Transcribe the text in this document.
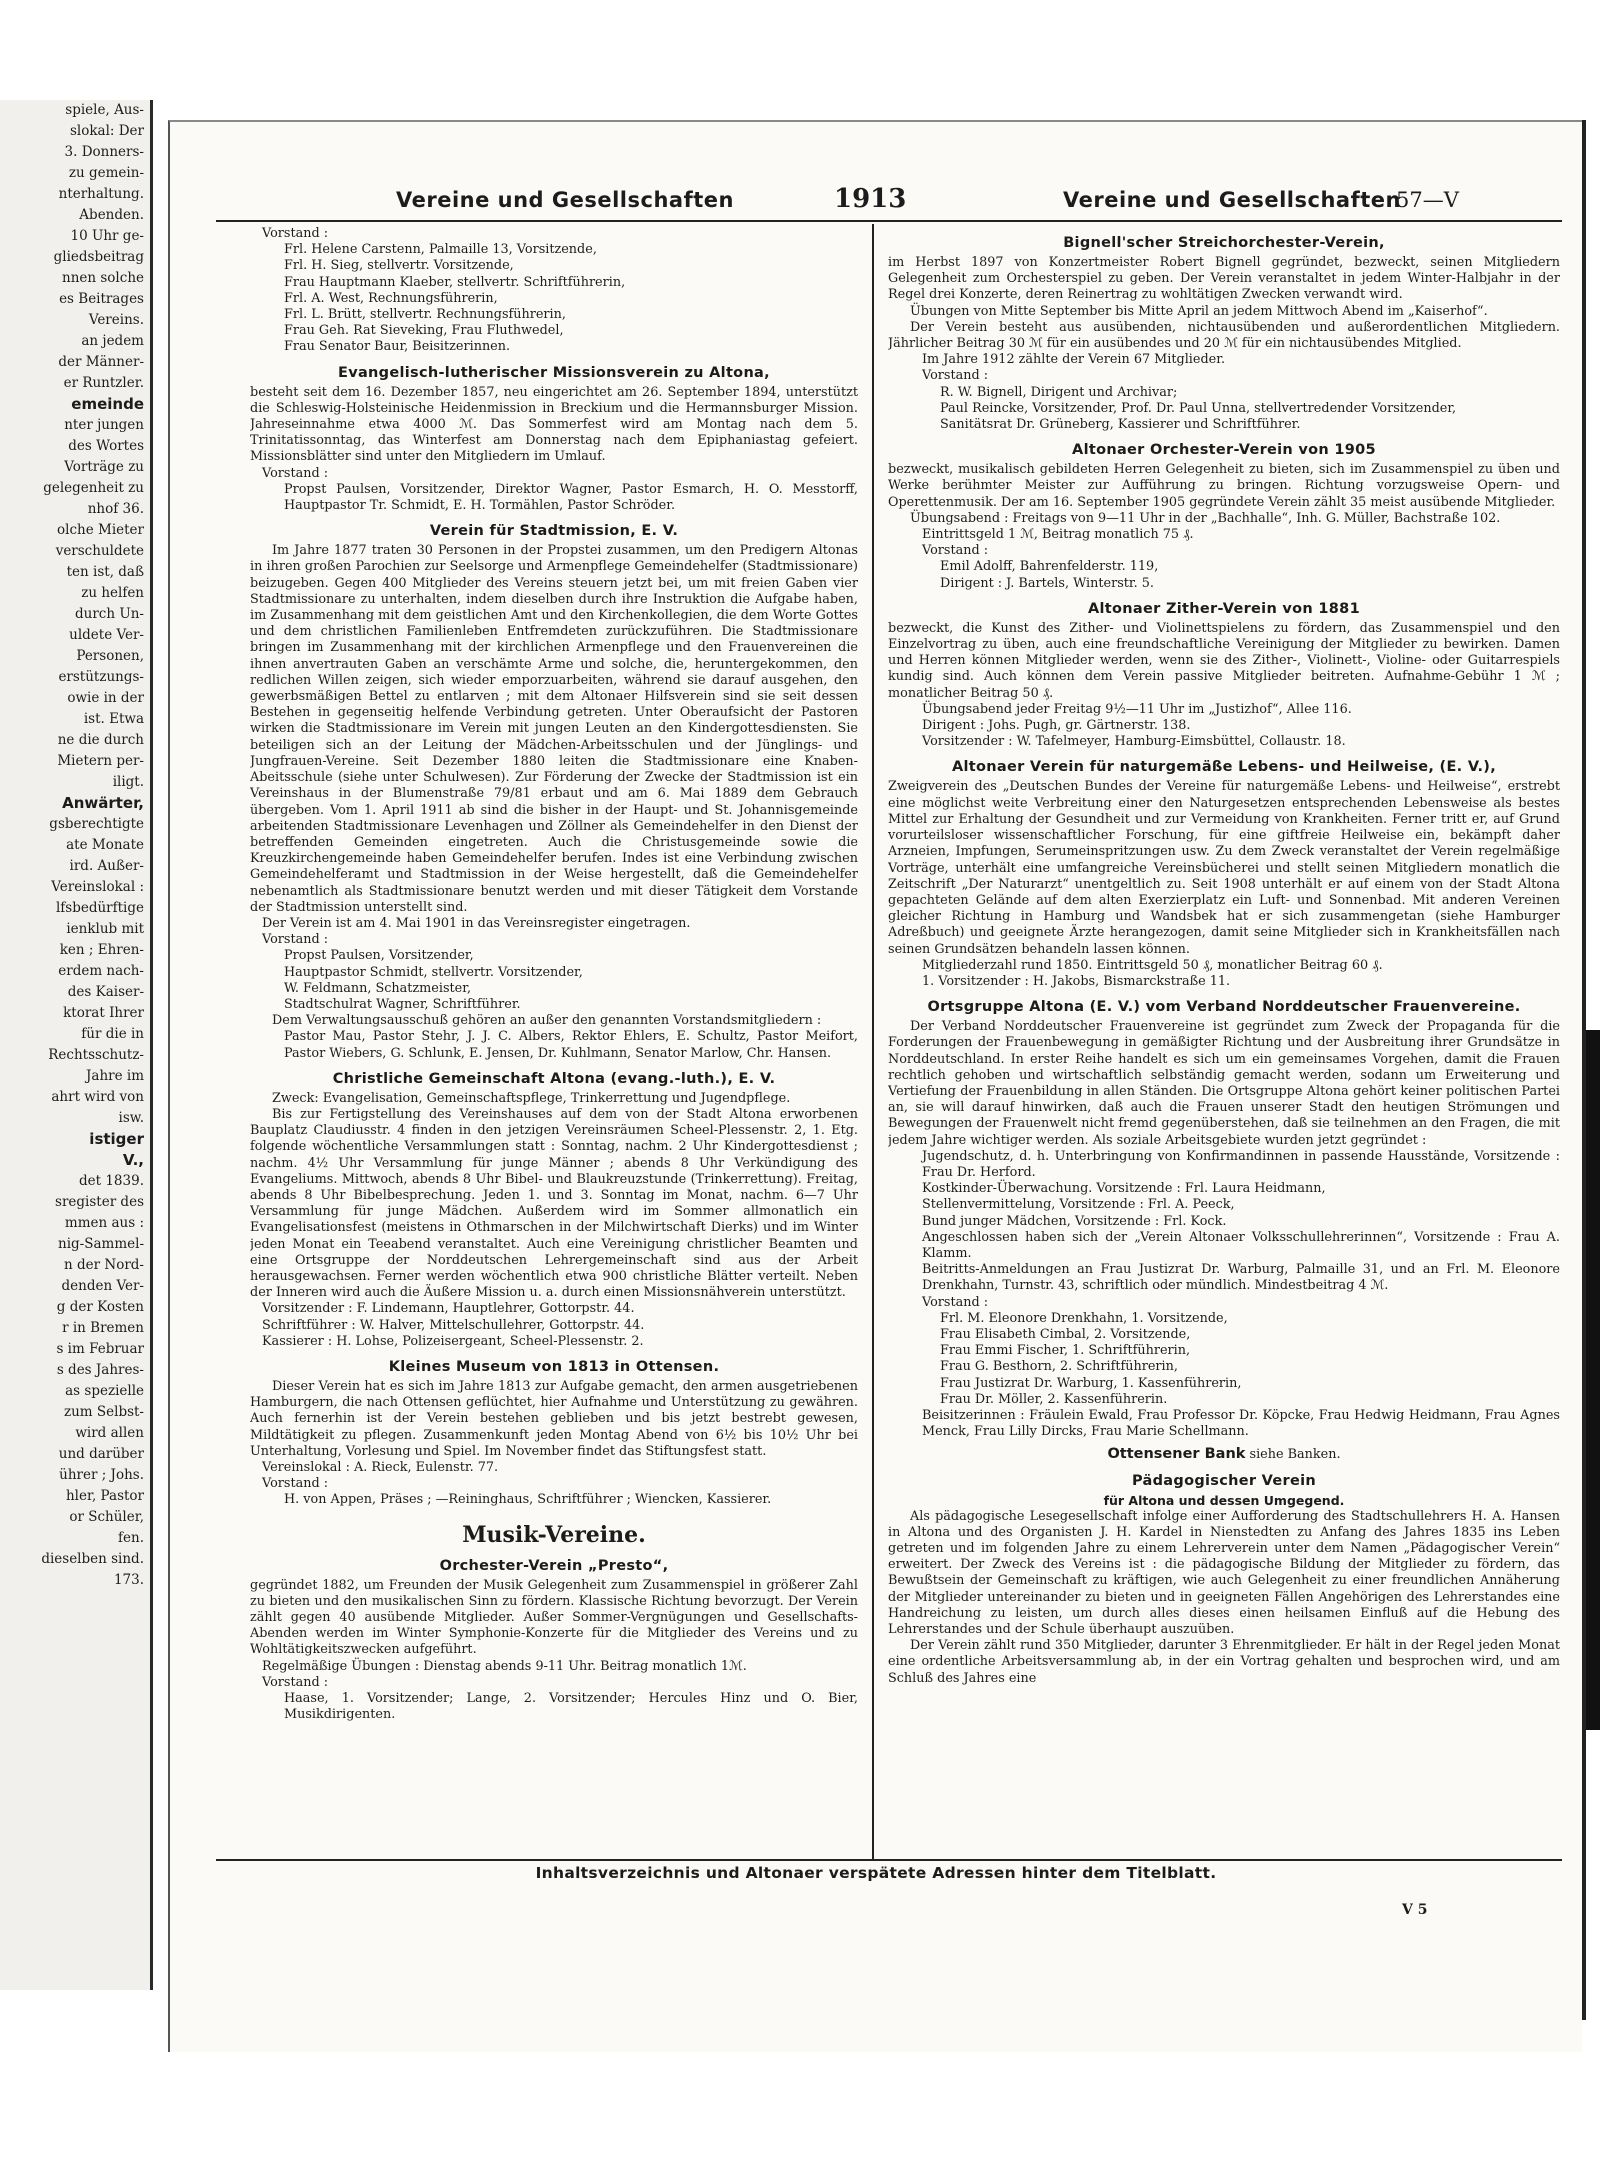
spiele, Aus-
slokal: Der
3. Donners-
zu gemein-
nterhaltung.
Abenden.
10 Uhr ge-
gliedsbeitrag
nnen solche
es Beitrages
Vereins.
an jedem
der Männer-
er Runtzler.
emeinde
nter jungen
des Wortes
Vorträge zu
gelegenheit zu
nhof 36.
olche Mieter
verschuldete
ten ist, daß
zu helfen
durch Un-
uldete Ver-
Personen,
erstützungs-
owie in der
ist. Etwa
ne die durch
Mietern per-
iligt.
Anwärter,
gsberechtigte
ate Monate
ird. Außer-
Vereinslokal :
lfsbedürftige
ienklub mit
ken ; Ehren-
erdem nach-
des Kaiser-
ktorat Ihrer
für die in
Rechtsschutz-
Jahre im
ahrt wird von
isw.
istiger
V.,
det 1839.
sregister des
mmen aus :
nig-Sammel-
n der Nord-
denden Ver-
g der Kosten
r in Bremen
s im Februar
s des Jahres-
as spezielle
zum Selbst-
wird allen
und darüber
ührer ; Johs.
hler, Pastor
or Schüler,
fen.
dieselben sind.
173.
Vereine und Gesellschaften	1913	Vereine und Gesellschaften
57—V
Vorstand :
Frl. Helene Carstenn, Palmaille 13, Vorsitzende,
Frl. H. Sieg, stellvertr. Vorsitzende,
Frau Hauptmann Klaeber, stellvertr. Schriftführerin,
Frl. A. West, Rechnungsführerin,
Frl. L. Brütt, stellvertr. Rechnungsführerin,
Frau Geh. Rat Sieveking, Frau Fluthwedel,
Frau Senator Baur, Beisitzerinnen.
Evangelisch-lutherischer Missionsverein zu Altona,
besteht seit dem 16. Dezember 1857, neu eingerichtet am 26. September 1894, unterstützt die Schleswig-Holsteinische Heidenmission in Breckium und die Hermannsburger Mission. Jahreseinnahme etwa 4000 ℳ. Das Sommerfest wird am Montag nach dem 5. Trinitatissonntag, das Winterfest am Donnerstag nach dem Epiphaniastag gefeiert. Missionsblätter sind unter den Mitgliedern im Umlauf.
Vorstand :
Propst Paulsen, Vorsitzender, Direktor Wagner, Pastor Esmarch, H. O. Messtorff, Hauptpastor Tr. Schmidt, E. H. Tormählen, Pastor Schröder.
Verein für Stadtmission, E. V.

Im Jahre 1877 traten 30 Personen in der Propstei zusammen, um den Predigern Altonas in ihren großen Parochien zur Seelsorge und Armenpflege Gemeindehelfer (Stadtmissionare) beizugeben. Gegen 400 Mitglieder des Vereins steuern jetzt bei, um mit freien Gaben vier Stadtmissionare zu unterhalten, indem dieselben durch ihre Instruktion die Aufgabe haben, im Zusammenhang mit dem geistlichen Amt und den Kirchenkollegien, die dem Worte Gottes und dem christlichen Familienleben Entfremdeten zurückzuführen. Die Stadtmissionare bringen im Zusammenhang mit der kirchlichen Armenpflege und den Frauenvereinen die ihnen anvertrauten Gaben an verschämte Arme und solche, die, heruntergekommen, den redlichen Willen zeigen, sich wieder emporzuarbeiten, während sie darauf ausgehen, den gewerbsmäßigen Bettel zu entlarven ; mit dem Altonaer Hilfsverein sind sie seit dessen Bestehen in gegenseitig helfende Verbindung getreten. Unter Oberaufsicht der Pastoren wirken die Stadtmissionare im Verein mit jungen Leuten an den Kindergottesdiensten. Sie beteiligen sich an der Leitung der Mädchen-Arbeitsschulen und der Jünglings- und Jungfrauen-Vereine. Seit Dezember 1880 leiten die Stadtmissionare eine Knaben-Abeitsschule (siehe unter Schulwesen). Zur Förderung der Zwecke der Stadtmission ist ein Vereinshaus in der Blumenstraße 79/81 erbaut und am 6. Mai 1889 dem Gebrauch übergeben. Vom 1. April 1911 ab sind die bisher in der Haupt- und St. Johannisgemeinde arbeitenden Stadtmissionare Levenhagen und Zöllner als Gemeindehelfer in den Dienst der betreffenden Gemeinden eingetreten. Auch die Christusgemeinde sowie die Kreuzkirchengemeinde haben Gemeindehelfer berufen. Indes ist eine Verbindung zwischen Gemeindehelferamt und Stadtmission in der Weise hergestellt, daß die Gemeindehelfer nebenamtlich als Stadtmissionare benutzt werden und mit dieser Tätigkeit dem Vorstande der Stadtmission unterstellt sind.

Der Verein ist am 4. Mai 1901 in das Vereinsregister eingetragen.
Vorstand :
Propst Paulsen, Vorsitzender,
Hauptpastor Schmidt, stellvertr. Vorsitzender,
W. Feldmann, Schatzmeister,
Stadtschulrat Wagner, Schriftführer.

Dem Verwaltungsausschuß gehören an außer den genannten Vorstandsmitgliedern :

Pastor Mau, Pastor Stehr, J. J. C. Albers, Rektor Ehlers, E. Schultz, Pastor Meifort, Pastor Wiebers, G. Schlunk, E. Jensen, Dr. Kuhlmann, Senator Marlow, Chr. Hansen.
Christliche Gemeinschaft Altona (evang.-luth.), E. V.

Zweck: Evangelisation, Gemeinschaftspflege, Trinkerrettung und Jugendpflege.

Bis zur Fertigstellung des Vereinshauses auf dem von der Stadt Altona erworbenen Bauplatz Claudiusstr. 4 finden in den jetzigen Vereinsräumen Scheel-Plessenstr. 2, 1. Etg. folgende wöchentliche Versammlungen statt : Sonntag, nachm. 2 Uhr Kindergottesdienst ; nachm. 4½ Uhr Versammlung für junge Männer ; abends 8 Uhr Verkündigung des Evangeliums. Mittwoch, abends 8 Uhr Bibel- und Blaukreuzstunde (Trinkerrettung). Freitag, abends 8 Uhr Bibelbesprechung. Jeden 1. und 3. Sonntag im Monat, nachm. 6—7 Uhr Versammlung für junge Mädchen. Außerdem wird im Sommer allmonatlich ein Evangelisationsfest (meistens in Othmarschen in der Milchwirtschaft Dierks) und im Winter jeden Monat ein Teeabend veranstaltet. Auch eine Vereinigung christlicher Beamten und eine Ortsgruppe der Norddeutschen Lehrergemeinschaft sind aus der Arbeit herausgewachsen. Ferner werden wöchentlich etwa 900 christliche Blätter verteilt. Neben der Inneren wird auch die Äußere Mission u. a. durch einen Missionsnähverein unterstützt.

Vorsitzender : F. Lindemann, Hauptlehrer, Gottorpstr. 44.
Schriftführer : W. Halver, Mittelschullehrer, Gottorpstr. 44.
Kassierer : H. Lohse, Polizeisergeant, Scheel-Plessenstr. 2.
Kleines Museum von 1813 in Ottensen.

Dieser Verein hat es sich im Jahre 1813 zur Aufgabe gemacht, den armen ausgetriebenen Hamburgern, die nach Ottensen geflüchtet, hier Aufnahme und Unterstützung zu gewähren. Auch fernerhin ist der Verein bestehen geblieben und bis jetzt bestrebt gewesen, Mildtätigkeit zu pflegen. Zusammenkunft jeden Montag Abend von 6½ bis 10½ Uhr bei Unterhaltung, Vorlesung und Spiel. Im November findet das Stiftungsfest statt.

Vereinslokal : A. Rieck, Eulenstr. 77.
Vorstand :
H. von Appen, Präses ; —Reininghaus, Schriftführer ; Wiencken, Kassierer.
Musik-Vereine.
Orchester-Verein „Presto“,
gegründet 1882, um Freunden der Musik Gelegenheit zum Zusammenspiel in größerer Zahl zu bieten und den musikalischen Sinn zu fördern. Klassische Richtung bevorzugt. Der Verein zählt gegen 40 ausübende Mitglieder. Außer Sommer-Vergnügungen und Gesellschafts-Abenden werden im Winter Symphonie-Konzerte für die Mitglieder des Vereins und zu Wohltätigkeitszwecken aufgeführt.
Regelmäßige Übungen : Dienstag abends 9-11 Uhr. Beitrag monatlich 1ℳ.
Vorstand :
Haase, 1. Vorsitzender; Lange, 2. Vorsitzender; Hercules Hinz und O. Bier, Musikdirigenten.
Bignell'scher Streichorchester-Verein,
im Herbst 1897 von Konzertmeister Robert Bignell gegründet, bezweckt, seinen Mitgliedern Gelegenheit zum Orchesterspiel zu geben. Der Verein veranstaltet in jedem Winter-Halbjahr in der Regel drei Konzerte, deren Reinertrag zu wohltätigen Zwecken verwandt wird.

Übungen von Mitte September bis Mitte April an jedem Mittwoch Abend im „Kaiserhof“.

Der Verein besteht aus ausübenden, nichtausübenden und außerordentlichen Mitgliedern. Jährlicher Beitrag 30 ℳ für ein ausübendes und 20 ℳ für ein nichtausübendes Mitglied.

Im Jahre 1912 zählte der Verein 67 Mitglieder.
Vorstand :
R. W. Bignell, Dirigent und Archivar;
Paul Reincke, Vorsitzender, Prof. Dr. Paul Unna, stellvertredender Vorsitzender,
Sanitätsrat Dr. Grüneberg, Kassierer und Schriftführer.
Altonaer Orchester-Verein von 1905
bezweckt, musikalisch gebildeten Herren Gelegenheit zu bieten, sich im Zusammenspiel zu üben und Werke berühmter Meister zur Aufführung zu bringen. Richtung vorzugsweise Opern- und Operettenmusik. Der am 16. September 1905 gegründete Verein zählt 35 meist ausübende Mitglieder.

Übungsabend : Freitags von 9—11 Uhr in der „Bachhalle“, Inh. G. Müller, Bachstraße 102.

Eintrittsgeld 1 ℳ, Beitrag monatlich 75 ₰.
Vorstand :
Emil Adolff, Bahrenfelderstr. 119,
Dirigent : J. Bartels, Winterstr. 5.
Altonaer Zither-Verein von 1881
bezweckt, die Kunst des Zither- und Violinettspielens zu fördern, das Zusammenspiel und den Einzelvortrag zu üben, auch eine freundschaftliche Vereinigung der Mitglieder zu bewirken. Damen und Herren können Mitglieder werden, wenn sie des Zither-, Violinett-, Violine- oder Guitarrespiels kundig sind. Auch können dem Verein passive Mitglieder beitreten. Aufnahme-Gebühr 1 ℳ ; monatlicher Beitrag 50 ₰.
Übungsabend jeder Freitag 9½—11 Uhr im „Justizhof“, Allee 116.
Dirigent : Johs. Pugh, gr. Gärtnerstr. 138.
Vorsitzender : W. Tafelmeyer, Hamburg-Eimsbüttel, Collaustr. 18.
Altonaer Verein für naturgemäße Lebens- und Heilweise, (E. V.),
Zweigverein des „Deutschen Bundes der Vereine für naturgemäße Lebens- und Heilweise“, erstrebt eine möglichst weite Verbreitung einer den Naturgesetzen entsprechenden Lebensweise als bestes Mittel zur Erhaltung der Gesundheit und zur Vermeidung von Krankheiten. Ferner tritt er, auf Grund vorurteilsloser wissenschaftlicher Forschung, für eine giftfreie Heilweise ein, bekämpft daher Arzneien, Impfungen, Serumeinspritzungen usw. Zu dem Zweck veranstaltet der Verein regelmäßige Vorträge, unterhält eine umfangreiche Vereinsbücherei und stellt seinen Mitgliedern monatlich die Zeitschrift „Der Naturarzt“ unentgeltlich zu. Seit 1908 unterhält er auf einem von der Stadt Altona gepachteten Gelände auf dem alten Exerzierplatz ein Luft- und Sonnenbad. Mit anderen Vereinen gleicher Richtung in Hamburg und Wandsbek hat er sich zusammengetan (siehe Hamburger Adreßbuch) und geeignete Ärzte herangezogen, damit seine Mitglieder sich in Krankheitsfällen nach seinen Grundsätzen behandeln lassen können.
Mitgliederzahl rund 1850. Eintrittsgeld 50 ₰, monatlicher Beitrag 60 ₰.
1. Vorsitzender : H. Jakobs, Bismarckstraße 11.
Ortsgruppe Altona (E. V.) vom Verband Norddeutscher Frauenvereine.

Der Verband Norddeutscher Frauenvereine ist gegründet zum Zweck der Propaganda für die Forderungen der Frauenbewegung in gemäßigter Richtung und der Ausbreitung ihrer Grundsätze in Norddeutschland. In erster Reihe handelt es sich um ein gemeinsames Vorgehen, damit die Frauen rechtlich gehoben und wirtschaftlich selbständig gemacht werden, sodann um Erweiterung und Vertiefung der Frauenbildung in allen Ständen. Die Ortsgruppe Altona gehört keiner politischen Partei an, sie will darauf hinwirken, daß auch die Frauen unserer Stadt den heutigen Strömungen und Bewegungen der Frauenwelt nicht fremd gegenüberstehen, daß sie teilnehmen an den Fragen, die mit jedem Jahre wichtiger werden. Als soziale Arbeitsgebiete wurden jetzt gegründet :

Jugendschutz, d. h. Unterbringung von Konfirmandinnen in passende Hausstände, Vorsitzende : Frau Dr. Herford.
Kostkinder-Überwachung. Vorsitzende : Frl. Laura Heidmann,
Stellenvermittelung, Vorsitzende : Frl. A. Peeck,
Bund junger Mädchen, Vorsitzende : Frl. Kock.
Angeschlossen haben sich der „Verein Altonaer Volksschullehrerinnen“, Vorsitzende : Frau A. Klamm.
Beitritts-Anmeldungen an Frau Justizrat Dr. Warburg, Palmaille 31, und an Frl. M. Eleonore Drenkhahn, Turnstr. 43, schriftlich oder mündlich. Mindestbeitrag 4 ℳ.
Vorstand :
Frl. M. Eleonore Drenkhahn, 1. Vorsitzende,
Frau Elisabeth Cimbal, 2. Vorsitzende,
Frau Emmi Fischer, 1. Schriftführerin,
Frau G. Besthorn, 2. Schriftführerin,
Frau Justizrat Dr. Warburg, 1. Kassenführerin,
Frau Dr. Möller, 2. Kassenführerin.
Beisitzerinnen : Fräulein Ewald, Frau Professor Dr. Köpcke, Frau Hedwig Heidmann, Frau Agnes Menck, Frau Lilly Dircks, Frau Marie Schellmann.
Ottensener Bank siehe Banken.
Pädagogischer Verein
für Altona und dessen Umgegend.

Als pädagogische Lesegesellschaft infolge einer Aufforderung des Stadtschullehrers H. A. Hansen in Altona und des Organisten J. H. Kardel in Nienstedten zu Anfang des Jahres 1835 ins Leben getreten und im folgenden Jahre zu einem Lehrerverein unter dem Namen „Pädagogischer Verein“ erweitert. Der Zweck des Vereins ist : die pädagogische Bildung der Mitglieder zu fördern, das Bewußtsein der Gemeinschaft zu kräftigen, wie auch Gelegenheit zu einer freundlichen Annäherung der Mitglieder untereinander zu bieten und in geeigneten Fällen Angehörigen des Lehrerstandes eine Handreichung zu leisten, um durch alles dieses einen heilsamen Einfluß auf die Hebung des Lehrerstandes und der Schule überhaupt auszuüben.

Der Verein zählt rund 350 Mitglieder, darunter 3 Ehrenmitglieder. Er hält in der Regel jeden Monat eine ordentliche Arbeitsversammlung ab, in der ein Vortrag gehalten und besprochen wird, und am Schluß des Jahres eine

Inhaltsverzeichnis und Altonaer verspätete Adressen hinter dem Titelblatt.
V 5
